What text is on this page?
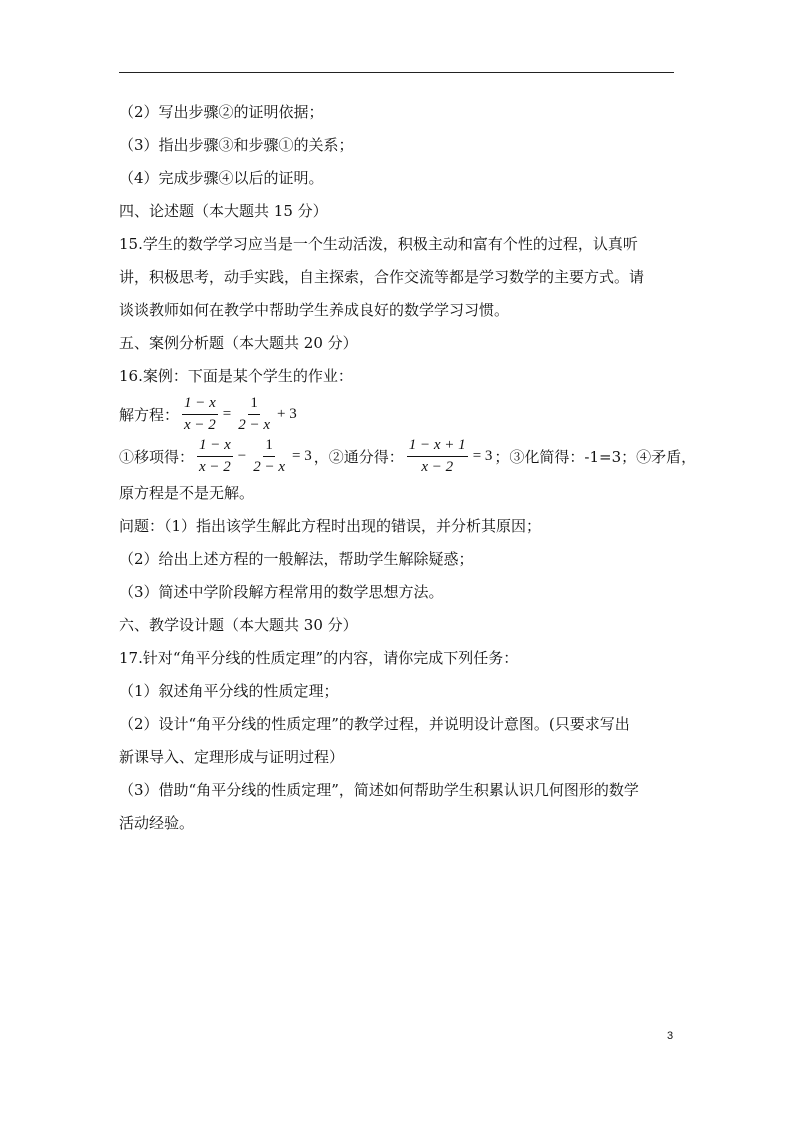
（2）写出步骤②的证明依据；
（3）指出步骤③和步骤①的关系；
（4）完成步骤④以后的证明。
四、论述题（本大题共 15 分）
15.学生的数学学习应当是一个生动活泼，积极主动和富有个性的过程，认真听
讲，积极思考，动手实践，自主探索，合作交流等都是学习数学的主要方式。请
谈谈教师如何在教学中帮助学生养成良好的数学学习习惯。
五、案例分析题（本大题共 20 分）
16.案例：下面是某个学生的作业：
解方程： $\frac{1 - x}{x - 2} = \frac{1}{2 - x} + 3$
①移项得： $\frac{1 - x}{x - 2} - \frac{1}{2 - x} = 3$ ，②通分得： $\frac{1 - x + 1}{x - 2} = 3$ ；③化简得：-1=3；④矛盾，
原方程是不是无解。
问题：（1）指出该学生解此方程时出现的错误，并分析其原因；
（2）给出上述方程的一般解法，帮助学生解除疑惑；
（3）简述中学阶段解方程常用的数学思想方法。
六、教学设计题（本大题共 30 分）
17.针对“角平分线的性质定理”的内容，请你完成下列任务：
（1）叙述角平分线的性质定理；
（2）设计“角平分线的性质定理”的教学过程，并说明设计意图。(只要求写出
新课导入、定理形成与证明过程）
（3）借助“角平分线的性质定理”，简述如何帮助学生积累认识几何图形的数学
活动经验。
3
